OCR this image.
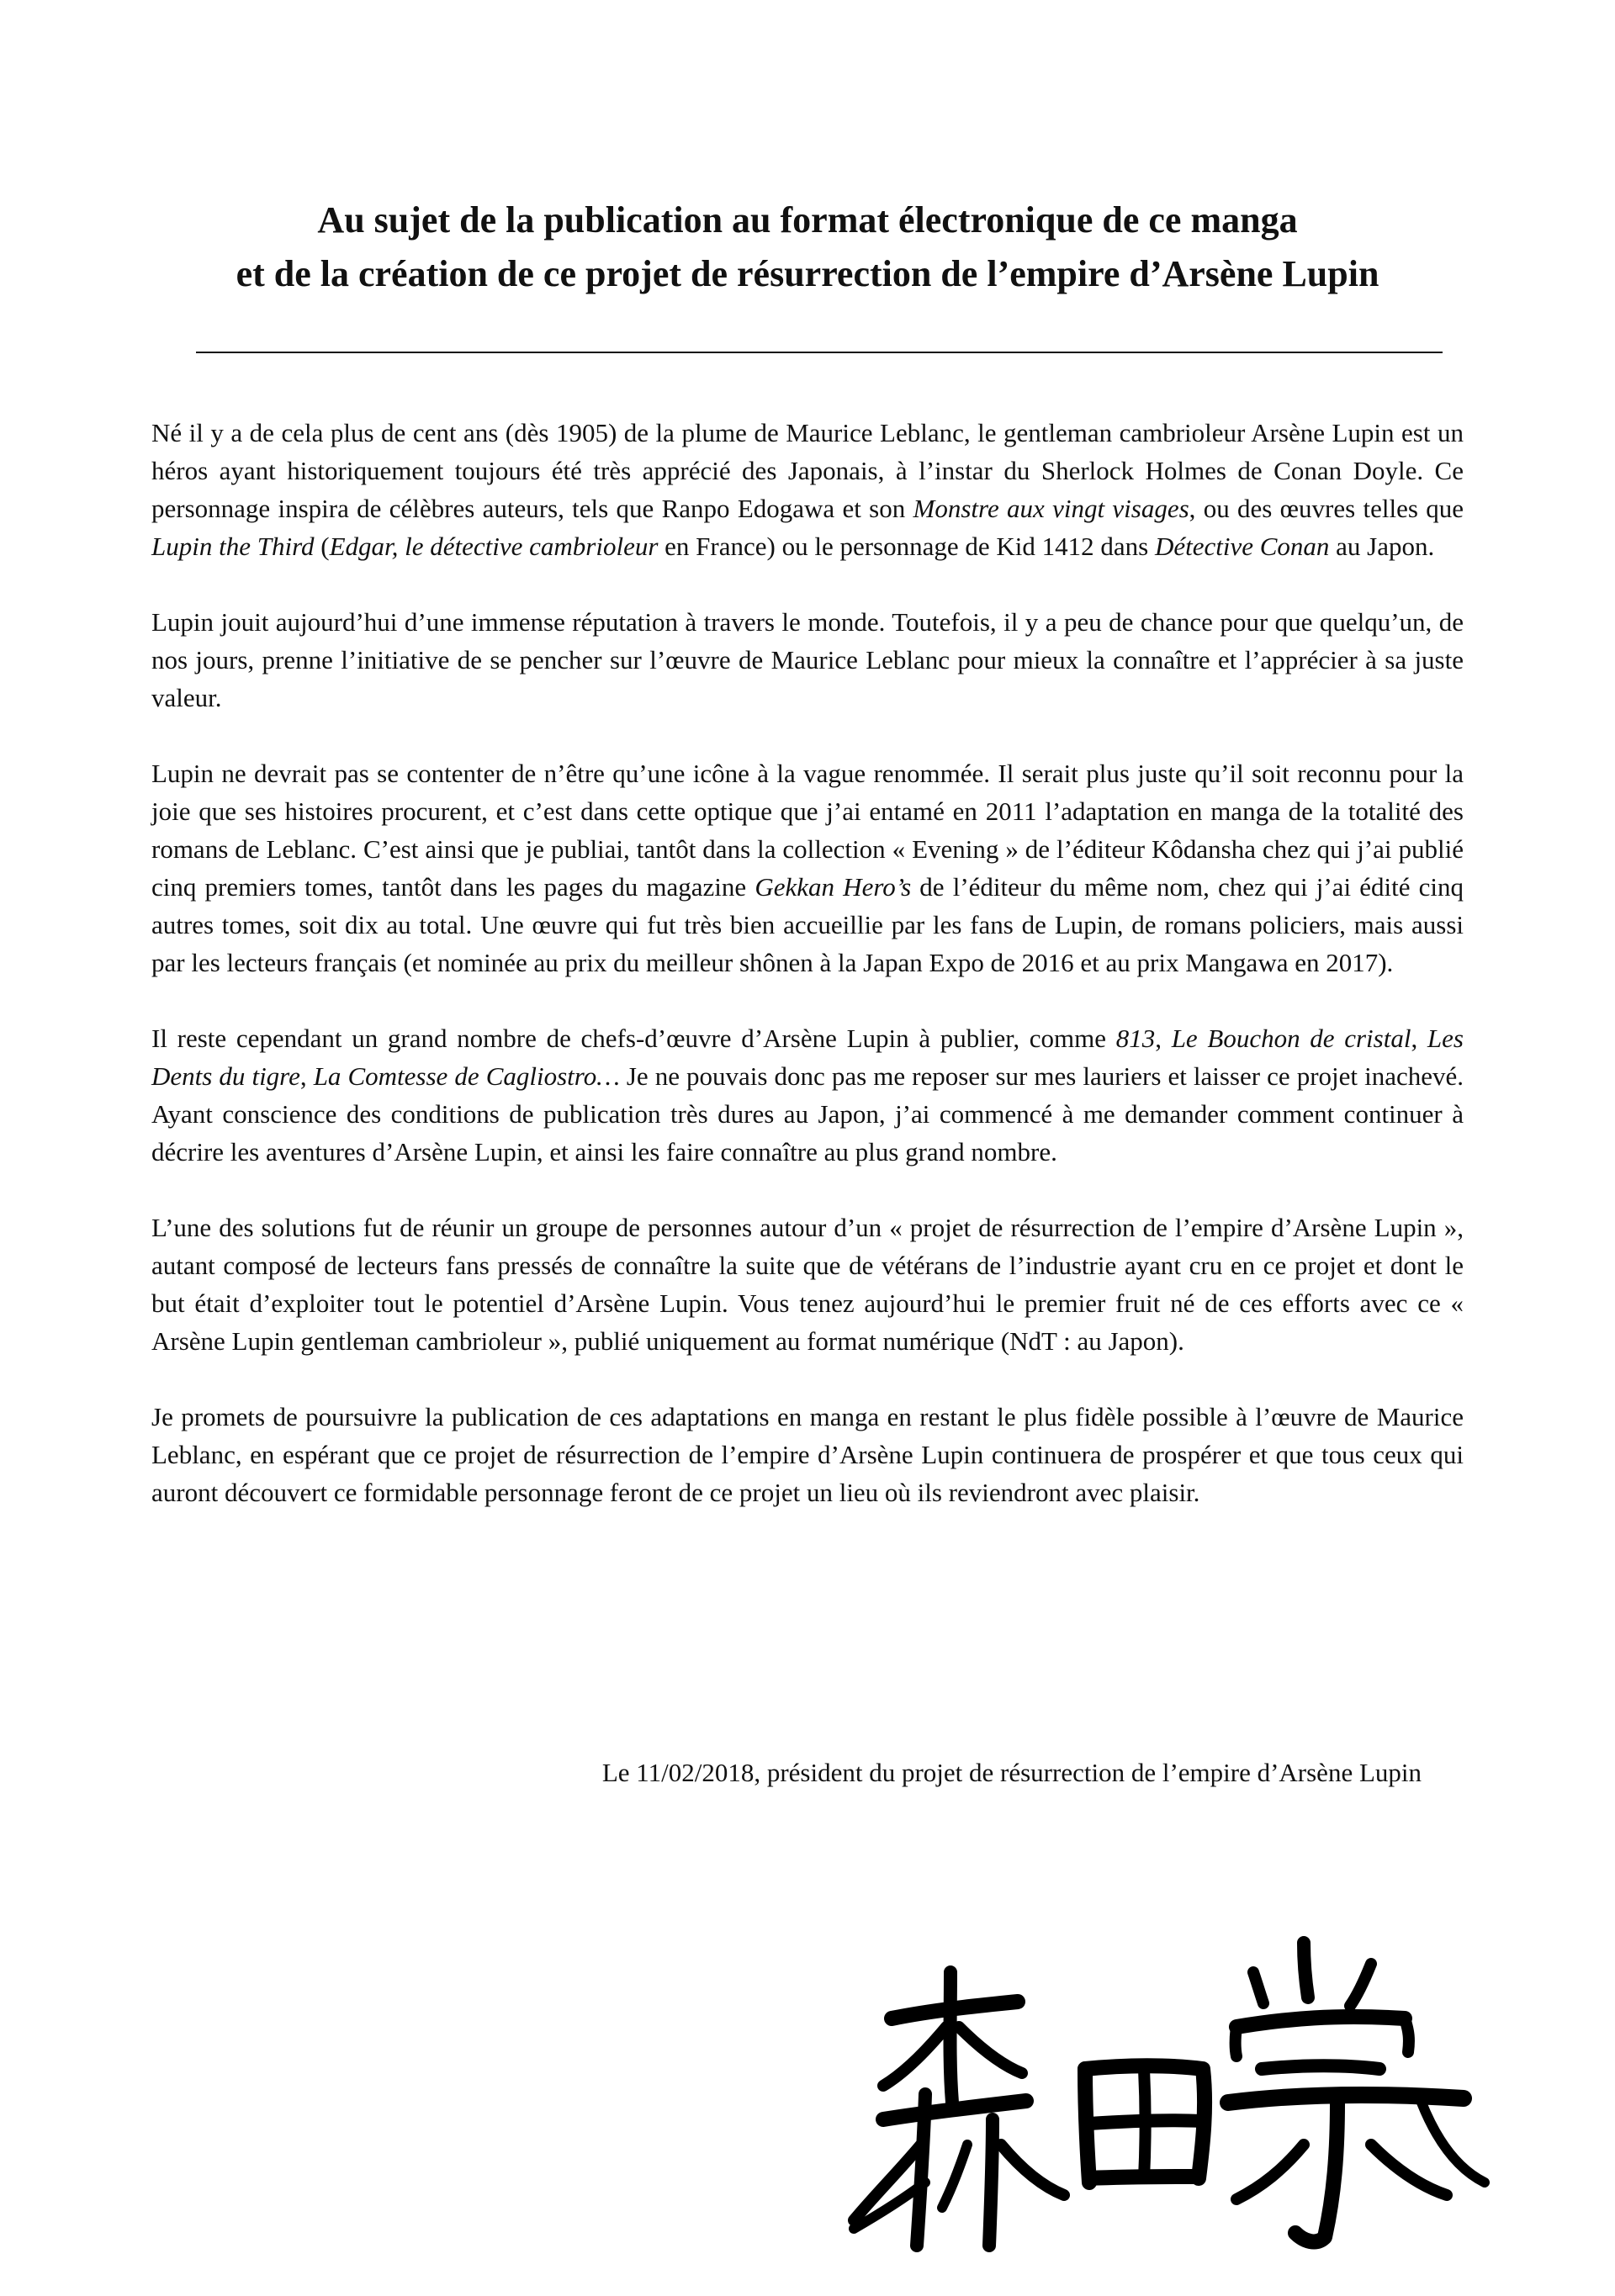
Au sujet de la publication au format électronique de ce manga
et de la création de ce projet de résurrection de l’empire d’Arsène Lupin

Né il y a de cela plus de cent ans (dès 1905) de la plume de Maurice Leblanc, le gentleman cambrioleur Arsène Lupin est un héros ayant historiquement toujours été très apprécié des Japonais, à l’instar du Sherlock Holmes de Conan Doyle. Ce personnage inspira de célèbres auteurs, tels que Ranpo Edogawa et son Monstre aux vingt visages, ou des œuvres telles que Lupin the Third (Edgar, le détective cambrioleur en France) ou le personnage de Kid 1412 dans Détective Conan au Japon.

Lupin jouit aujourd’hui d’une immense réputation à travers le monde. Toutefois, il y a peu de chance pour que quelqu’un, de nos jours, prenne l’initiative de se pencher sur l’œuvre de Maurice Leblanc pour mieux la connaître et l’apprécier à sa juste valeur.

Lupin ne devrait pas se contenter de n’être qu’une icône à la vague renommée. Il serait plus juste qu’il soit reconnu pour la joie que ses histoires procurent, et c’est dans cette optique que j’ai entamé en 2011 l’adaptation en manga de la totalité des romans de Leblanc. C’est ainsi que je publiai, tantôt dans la collection « Evening » de l’éditeur Kôdansha chez qui j’ai publié cinq premiers tomes, tantôt dans les pages du magazine Gekkan Hero’s de l’éditeur du même nom, chez qui j’ai édité cinq autres tomes, soit dix au total. Une œuvre qui fut très bien accueillie par les fans de Lupin, de romans policiers, mais aussi par les lecteurs français (et nominée au prix du meilleur shônen à la Japan Expo de 2016 et au prix Mangawa en 2017).

Il reste cependant un grand nombre de chefs-d’œuvre d’Arsène Lupin à publier, comme 813, Le Bouchon de cristal, Les Dents du tigre, La Comtesse de Cagliostro… Je ne pouvais donc pas me reposer sur mes lauriers et laisser ce projet inachevé. Ayant conscience des conditions de publication très dures au Japon, j’ai commencé à me demander comment continuer à décrire les aventures d’Arsène Lupin, et ainsi les faire connaître au plus grand nombre.

L’une des solutions fut de réunir un groupe de personnes autour d’un « projet de résurrection de l’empire d’Arsène Lupin », autant composé de lecteurs fans pressés de connaître la suite que de vétérans de l’industrie ayant cru en ce projet et dont le but était d’exploiter tout le potentiel d’Arsène Lupin. Vous tenez aujourd’hui le premier fruit né de ces efforts avec ce « Arsène Lupin gentleman cambrioleur », publié uniquement au format numérique (NdT : au Japon).

Je promets de poursuivre la publication de ces adaptations en manga en restant le plus fidèle possible à l’œuvre de Maurice Leblanc, en espérant que ce projet de résurrection de l’empire d’Arsène Lupin continuera de prospérer et que tous ceux qui auront découvert ce formidable personnage feront de ce projet un lieu où ils reviendront avec plaisir.

Le 11/02/2018, président du projet de résurrection de l’empire d’Arsène Lupin
